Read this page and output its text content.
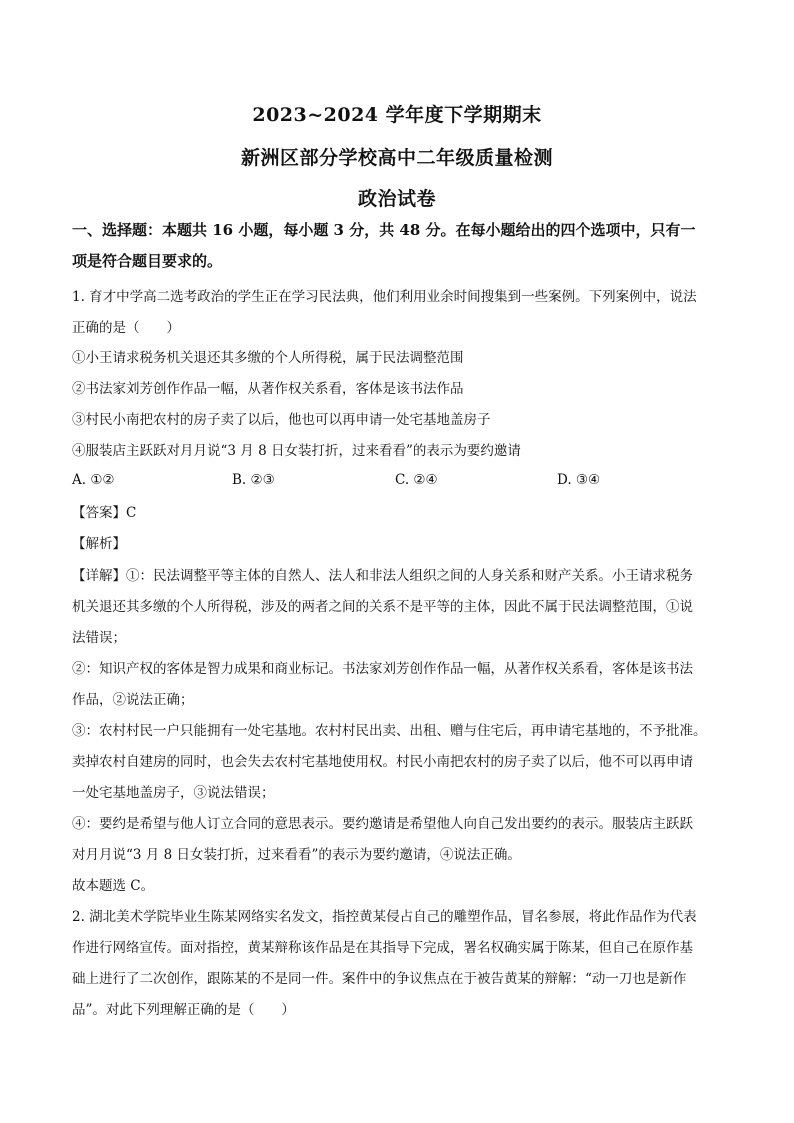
2023~2024 学年度下学期期末
新洲区部分学校高中二年级质量检测
政治试卷
一、选择题：本题共 16 小题，每小题 3 分，共 48 分。在每小题给出的四个选项中，只有一
项是符合题目要求的。
1. 育才中学高二选考政治的学生正在学习民法典，他们利用业余时间搜集到一些案例。下列案例中，说法
正确的是（　　）
①小王请求税务机关退还其多缴的个人所得税，属于民法调整范围
②书法家刘芳创作作品一幅，从著作权关系看，客体是该书法作品
③村民小南把农村的房子卖了以后，他也可以再申请一处宅基地盖房子
④服装店主跃跃对月月说“3 月 8 日女装打折，过来看看”的表示为要约邀请
A. ①②	B. ②③	C. ②④	D. ③④
【答案】C
【解析】
【详解】①：民法调整平等主体的自然人、法人和非法人组织之间的人身关系和财产关系。小王请求税务
机关退还其多缴的个人所得税，涉及的两者之间的关系不是平等的主体，因此不属于民法调整范围，①说
法错误；
②：知识产权的客体是智力成果和商业标记。书法家刘芳创作作品一幅，从著作权关系看，客体是该书法
作品，②说法正确；
③：农村村民一户只能拥有一处宅基地。农村村民出卖、出租、赠与住宅后，再申请宅基地的，不予批准。
卖掉农村自建房的同时，也会失去农村宅基地使用权。村民小南把农村的房子卖了以后，他不可以再申请
一处宅基地盖房子，③说法错误；
④：要约是希望与他人订立合同的意思表示。要约邀请是希望他人向自己发出要约的表示。服装店主跃跃
对月月说“3 月 8 日女装打折，过来看看”的表示为要约邀请，④说法正确。
故本题选 C。
2. 湖北美术学院毕业生陈某网络实名发文，指控黄某侵占自己的雕塑作品，冒名参展，将此作品作为代表
作进行网络宣传。面对指控，黄某辩称该作品是在其指导下完成，署名权确实属于陈某，但自己在原作基
础上进行了二次创作，跟陈某的不是同一件。案件中的争议焦点在于被告黄某的辩解：“动一刀也是新作
品”。对此下列理解正确的是（　　）
